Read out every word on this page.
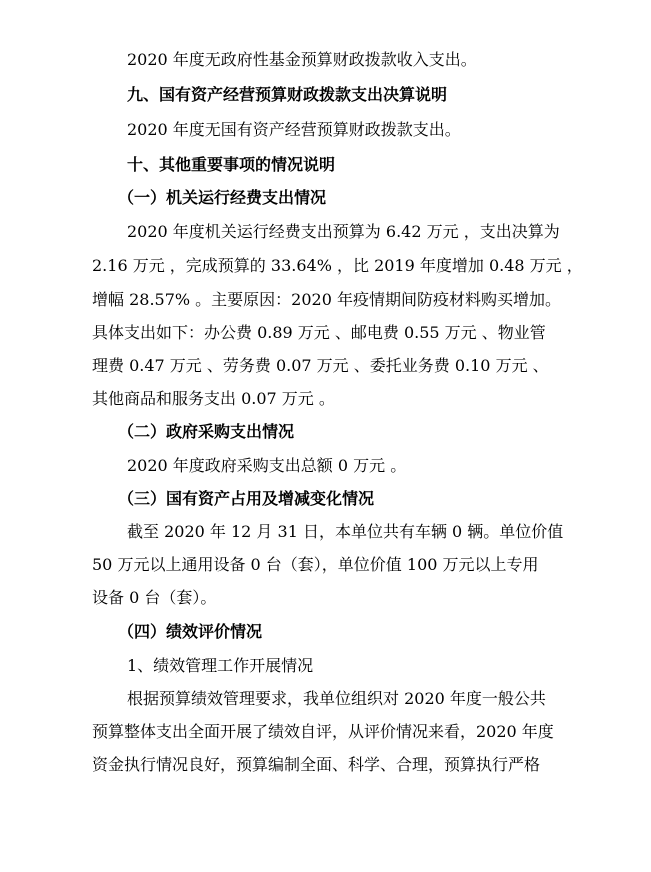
2020 年度无政府性基金预算财政拨款收入支出。
九、国有资产经营预算财政拨款支出决算说明
2020 年度无国有资产经营预算财政拨款支出。
十、其他重要事项的情况说明
（一）机关运行经费支出情况
2020 年度机关运行经费支出预算为 6.42 万元 ，支出决算为
2.16 万元 ，完成预算的 33.64% ，比 2019 年度增加 0.48 万元 ，
增幅 28.57% 。主要原因：2020 年疫情期间防疫材料购买增加。
具体支出如下：办公费 0.89 万元 、邮电费 0.55 万元 、物业管
理费 0.47 万元 、劳务费 0.07 万元 、委托业务费 0.10 万元 、
其他商品和服务支出 0.07 万元 。
（二）政府采购支出情况
2020 年度政府采购支出总额 0 万元 。
（三）国有资产占用及增减变化情况
截至 2020 年 12 月 31 日，本单位共有车辆 0 辆。单位价值
50 万元以上通用设备 0 台（套），单位价值 100 万元以上专用
设备 0 台（套）。
（四）绩效评价情况
1、绩效管理工作开展情况
根据预算绩效管理要求，我单位组织对 2020 年度一般公共
预算整体支出全面开展了绩效自评，从评价情况来看，2020 年度
资金执行情况良好，预算编制全面、科学、合理，预算执行严格
